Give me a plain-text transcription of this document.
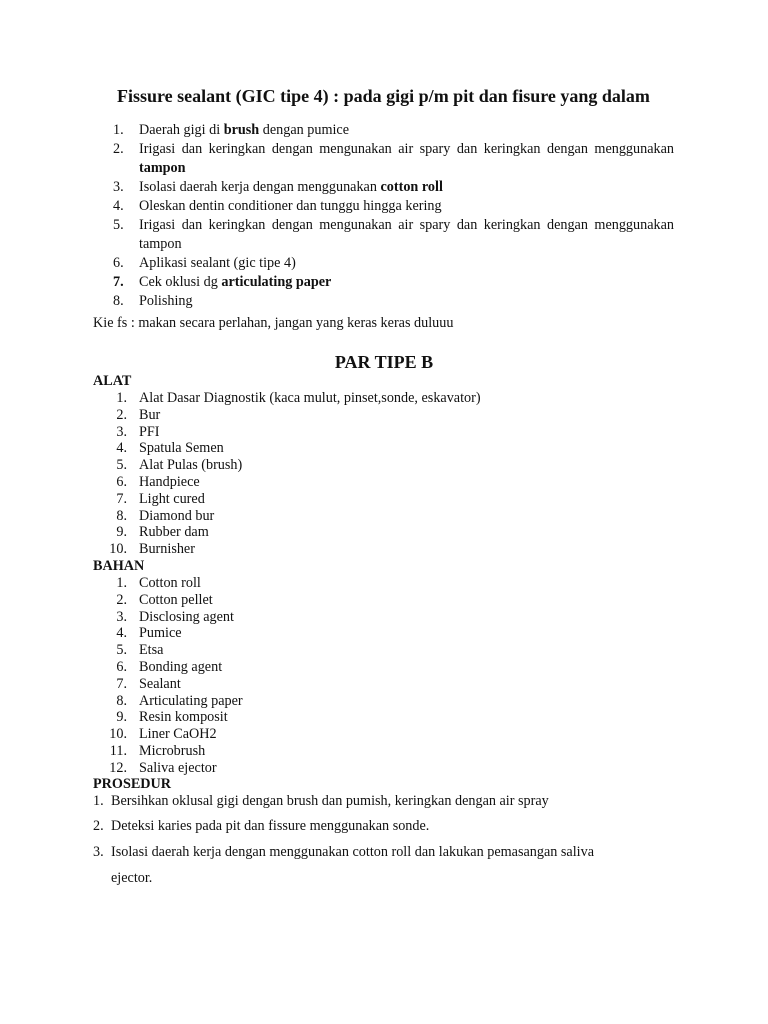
Fissure sealant (GIC tipe 4) : pada gigi p/m pit dan fisure yang dalam
1. Daerah gigi di brush dengan pumice
2. Irigasi dan keringkan dengan mengunakan air spary dan keringkan dengan menggunakan tampon
3. Isolasi daerah kerja dengan menggunakan cotton roll
4. Oleskan dentin conditioner dan tunggu hingga kering
5. Irigasi dan keringkan dengan mengunakan air spary dan keringkan dengan menggunakan tampon
6. Aplikasi sealant (gic tipe 4)
7. Cek oklusi dg articulating paper
8. Polishing
Kie fs : makan secara perlahan, jangan yang keras keras duluuu
PAR TIPE B
ALAT
1. Alat Dasar Diagnostik (kaca mulut, pinset,sonde, eskavator)
2. Bur
3. PFI
4. Spatula Semen
5. Alat Pulas (brush)
6. Handpiece
7. Light cured
8. Diamond bur
9. Rubber dam
10. Burnisher
BAHAN
1. Cotton roll
2. Cotton pellet
3. Disclosing agent
4. Pumice
5. Etsa
6. Bonding agent
7. Sealant
8. Articulating paper
9. Resin komposit
10. Liner CaOH2
11. Microbrush
12. Saliva ejector
PROSEDUR
1. Bersihkan oklusal gigi dengan brush dan pumish, keringkan dengan air spray
2. Deteksi karies pada pit dan fissure menggunakan sonde.
3. Isolasi daerah kerja dengan menggunakan cotton roll dan lakukan pemasangan saliva
ejector.
